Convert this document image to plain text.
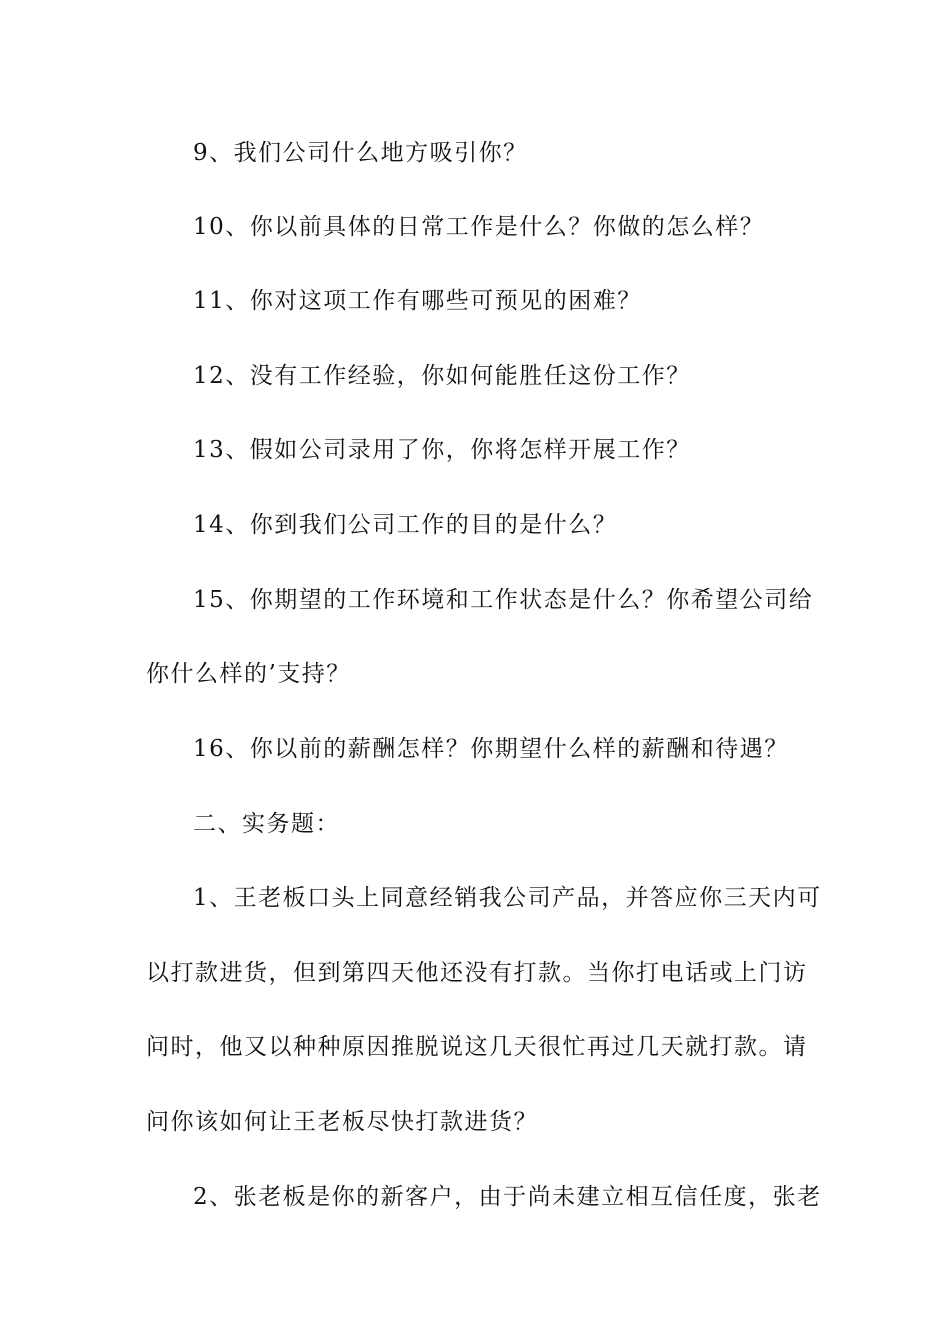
9、我们公司什么地方吸引你？
10、你以前具体的日常工作是什么？你做的怎么样？
11、你对这项工作有哪些可预见的困难？
12、没有工作经验，你如何能胜任这份工作？
13、假如公司录用了你，你将怎样开展工作？
14、你到我们公司工作的目的是什么？
15、你期望的工作环境和工作状态是什么？你希望公司给
你什么样的’支持？
16、你以前的薪酬怎样？你期望什么样的薪酬和待遇？
二、实务题：
1、王老板口头上同意经销我公司产品，并答应你三天内可
以打款进货，但到第四天他还没有打款。当你打电话或上门访
问时，他又以种种原因推脱说这几天很忙再过几天就打款。请
问你该如何让王老板尽快打款进货？
2、张老板是你的新客户，由于尚未建立相互信任度，张老
